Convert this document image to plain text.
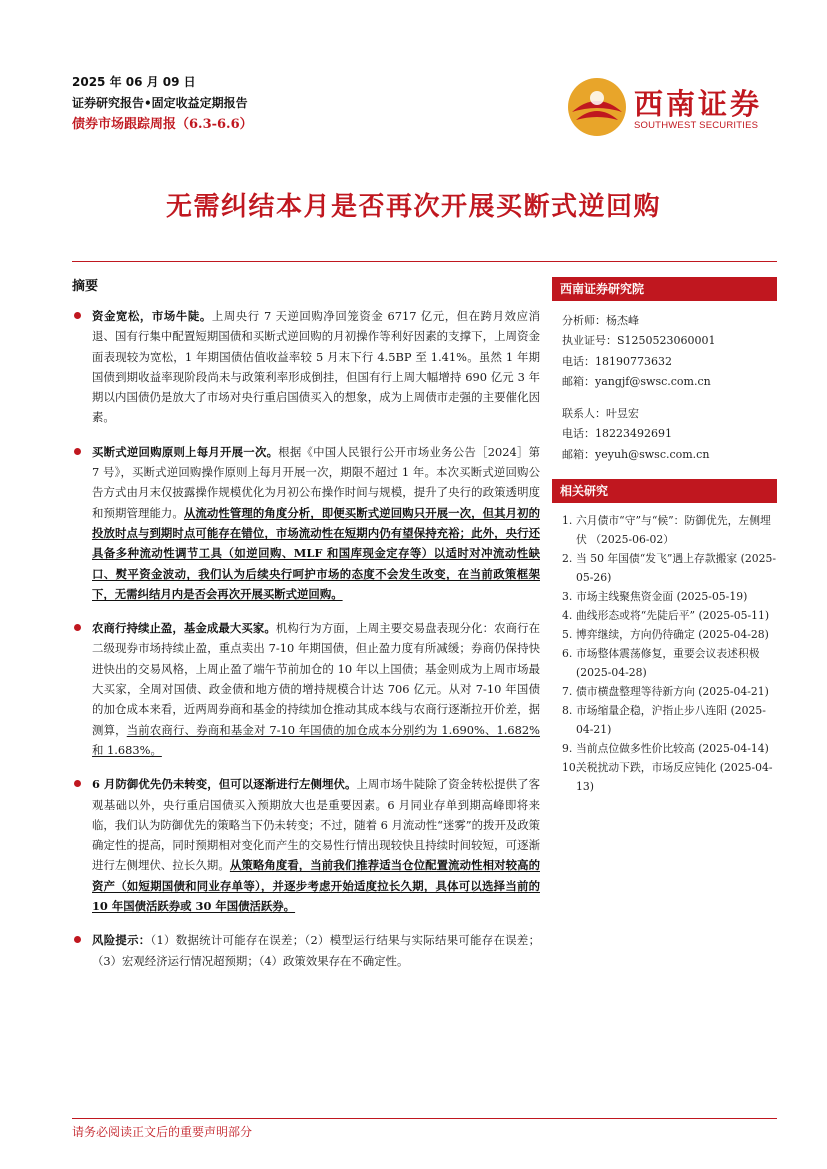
2025 年 06 月 09 日
证券研究报告•固定收益定期报告
债券市场跟踪周报（6.3-6.6）
西南证券
SOUTHWEST SECURITIES
无需纠结本月是否再次开展买断式逆回购
摘要
资金宽松，市场牛陡。上周央行 7 天逆回购净回笼资金 6717 亿元，但在跨月效应消退、国有行集中配置短期国债和买断式逆回购的月初操作等利好因素的支撑下，上周资金面表现较为宽松，1 年期国债估值收益率较 5 月末下行 4.5BP 至 1.41%。虽然 1 年期国债到期收益率现阶段尚未与政策利率形成倒挂，但国有行上周大幅增持 690 亿元 3 年期以内国债仍是放大了市场对央行重启国债买入的想象，成为上周债市走强的主要催化因素。
买断式逆回购原则上每月开展一次。根据《中国人民银行公开市场业务公告［2024］第 7 号》，买断式逆回购操作原则上每月开展一次，期限不超过 1 年。本次买断式逆回购公告方式由月末仅披露操作规模优化为月初公布操作时间与规模，提升了央行的政策透明度和预期管理能力。从流动性管理的角度分析，即便买断式逆回购只开展一次，但其月初的投放时点与到期时点可能存在错位，市场流动性在短期内仍有望保持充裕；此外，央行还具备多种流动性调节工具（如逆回购、MLF 和国库现金定存等）以适时对冲流动性缺口、熨平资金波动，我们认为后续央行呵护市场的态度不会发生改变，在当前政策框架下，无需纠结月内是否会再次开展买断式逆回购。
农商行持续止盈，基金成最大买家。机构行为方面，上周主要交易盘表现分化：农商行在二级现券市场持续止盈，重点卖出 7-10 年期国债，但止盈力度有所减缓；券商仍保持快进快出的交易风格，上周止盈了端午节前加仓的 10 年以上国债；基金则成为上周市场最大买家，全周对国债、政金债和地方债的增持规模合计达 706 亿元。从对 7-10 年国债的加仓成本来看，近两周券商和基金的持续加仓推动其成本线与农商行逐渐拉开价差，据测算，当前农商行、券商和基金对 7-10 年国债的加仓成本分别约为 1.690%、1.682%和 1.683%。
6 月防御优先仍未转变，但可以逐渐进行左侧埋伏。上周市场牛陡除了资金转松提供了客观基础以外，央行重启国债买入预期放大也是重要因素。6 月同业存单到期高峰即将来临，我们认为防御优先的策略当下仍未转变；不过，随着 6 月流动性“迷雾”的拨开及政策确定性的提高，同时预期相对变化而产生的交易性行情出现较快且持续时间较短，可逐渐进行左侧埋伏、拉长久期。从策略角度看，当前我们推荐适当仓位配置流动性相对较高的资产（如短期国债和同业存单等），并逐步考虑开始适度拉长久期，具体可以选择当前的 10 年国债活跃券或 30 年国债活跃券。
风险提示：（1）数据统计可能存在误差；（2）模型运行结果与实际结果可能存在误差；（3）宏观经济运行情况超预期；（4）政策效果存在不确定性。
西南证券研究院
分析师：杨杰峰
执业证号：S1250523060001
电话：18190773632
邮箱：yangjf@swsc.com.cn
联系人：叶昱宏
电话：18223492691
邮箱：yeyuh@swsc.com.cn
相关研究
1. 六月债市“守”与“候”：防御优先，左侧埋伏 （2025-06-02）
2. 当 50 年国债“发飞”遇上存款搬家 (2025-05-26)
3. 市场主线聚焦资金面 (2025-05-19)
4. 曲线形态或将“先陡后平” (2025-05-11)
5. 博弈继续，方向仍待确定 (2025-04-28)
6. 市场整体震荡修复，重要会议表述积极 (2025-04-28)
7. 债市横盘整理等待新方向 (2025-04-21)
8. 市场缩量企稳，沪指止步八连阳 (2025-04-21)
9. 当前点位做多性价比较高 (2025-04-14)
10.
关税扰动下跌，市场反应钝化 (2025-04-13)
请务必阅读正文后的重要声明部分
